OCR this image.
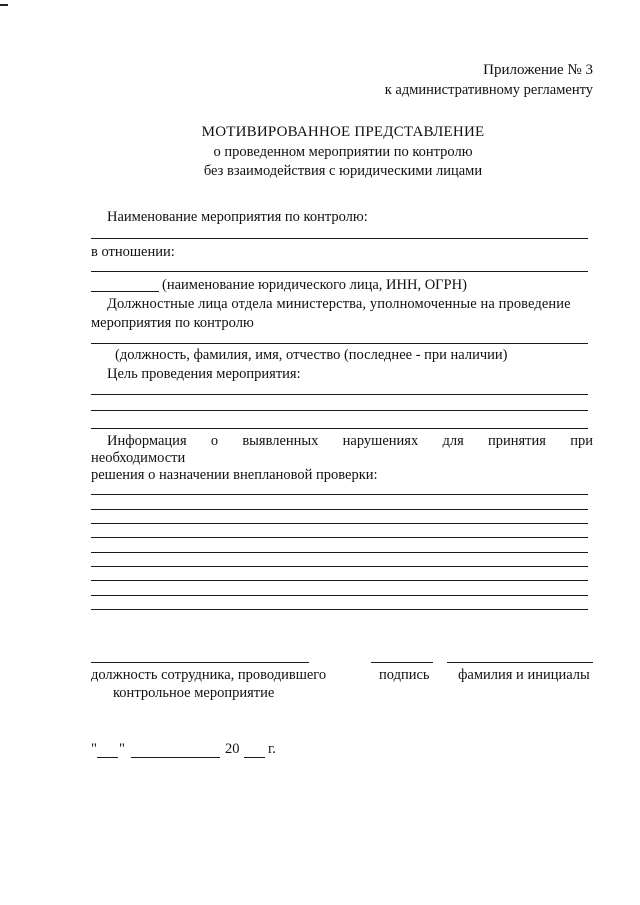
Приложение № 3
к административному регламенту
МОТИВИРОВАННОЕ ПРЕДСТАВЛЕНИЕ
о проведенном мероприятии по контролю
без взаимодействия с юридическими лицами
Наименование мероприятия по контролю:
в отношении:
(наименование юридического лица, ИНН, ОГРН)
Должностные лица отдела министерства, уполномоченные на проведение
мероприятия по контролю
(должность, фамилия, имя, отчество (последнее - при наличии)
Цель проведения мероприятия:
Информация о выявленных нарушениях для принятия при
необходимости
решения о назначении внеплановой проверки:
должность сотрудника, проводившего
контрольное мероприятие
подпись фамилия и инициалы
" "	20 г.
